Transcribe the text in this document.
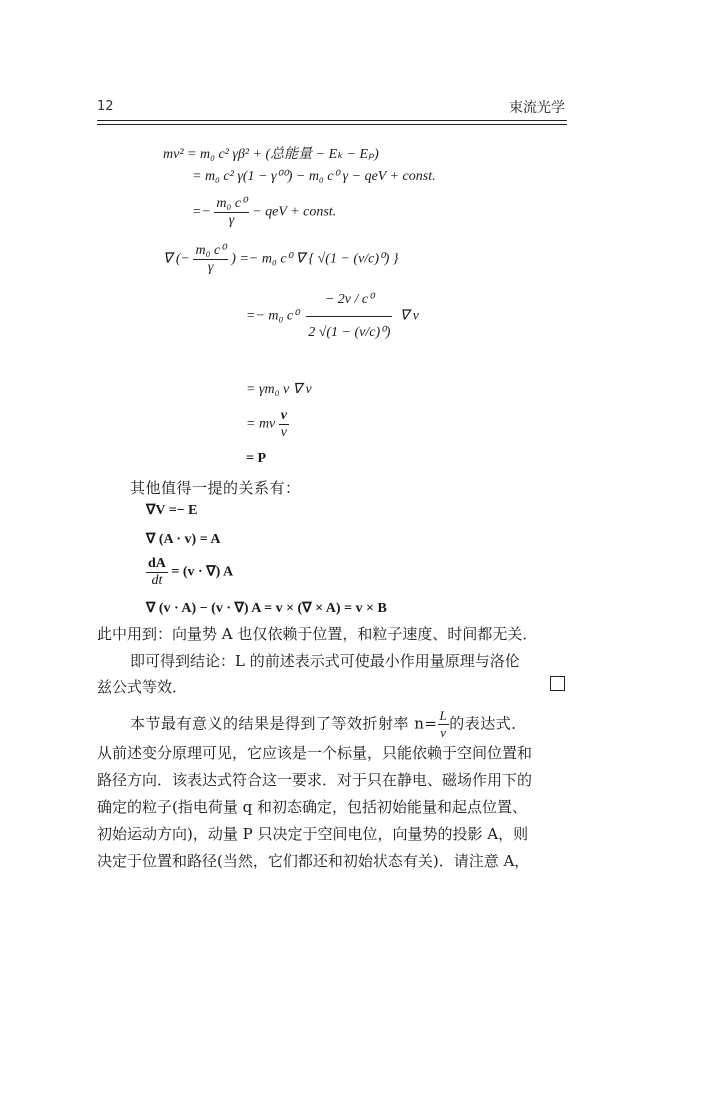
12	束流光学
mv² = m₀ c² γβ² + (总能量 − Eₖ − Eₚ)
= m₀ c² γ(1 − γ⁰⁰) − m₀ c⁰ γ − qeV + const.
=− $\frac{\text{m₀ c⁰}}{\gamma}$ − qeV + const.
∇ (− $\frac{\text{m₀ c⁰}}{\gamma}$ ) =− m₀ c⁰ ∇ { √(1 − (v/c)⁰) }
=− m₀ $c^0 \frac{\text{− 2v / c⁰}}{\text{2 √(1 − (v/c)⁰)}}$ ∇ v
= γm₀ v ∇ v
= mv $\frac{v}{v}$
= P
其他值得一提的关系有：
∇V =− E
∇ (A · v) = A
$\frac{dA}{dt} = (v$ · ∇) A
∇ (v · A) − (v · ∇) A = v × (∇ × A) = v × B
此中用到：向量势 A 也仅依赖于位置，和粒子速度、时间都无关．
即可得到结论：L 的前述表示式可使最小作用量原理与洛伦
兹公式等效．
本节最有意义的结果是得到了等效折射率 $n= \frac{L}{v}$ 的表达式．
从前述变分原理可见，它应该是一个标量，只能依赖于空间位置和
路径方向．该表达式符合这一要求．对于只在静电、磁场作用下的
确定的粒子(指电荷量 q 和初态确定，包括初始能量和起点位置、
初始运动方向)，动量 P 只决定于空间电位，向量势的投影 A，则
决定于位置和路径(当然，它们都还和初始状态有关)．请注意 A，
